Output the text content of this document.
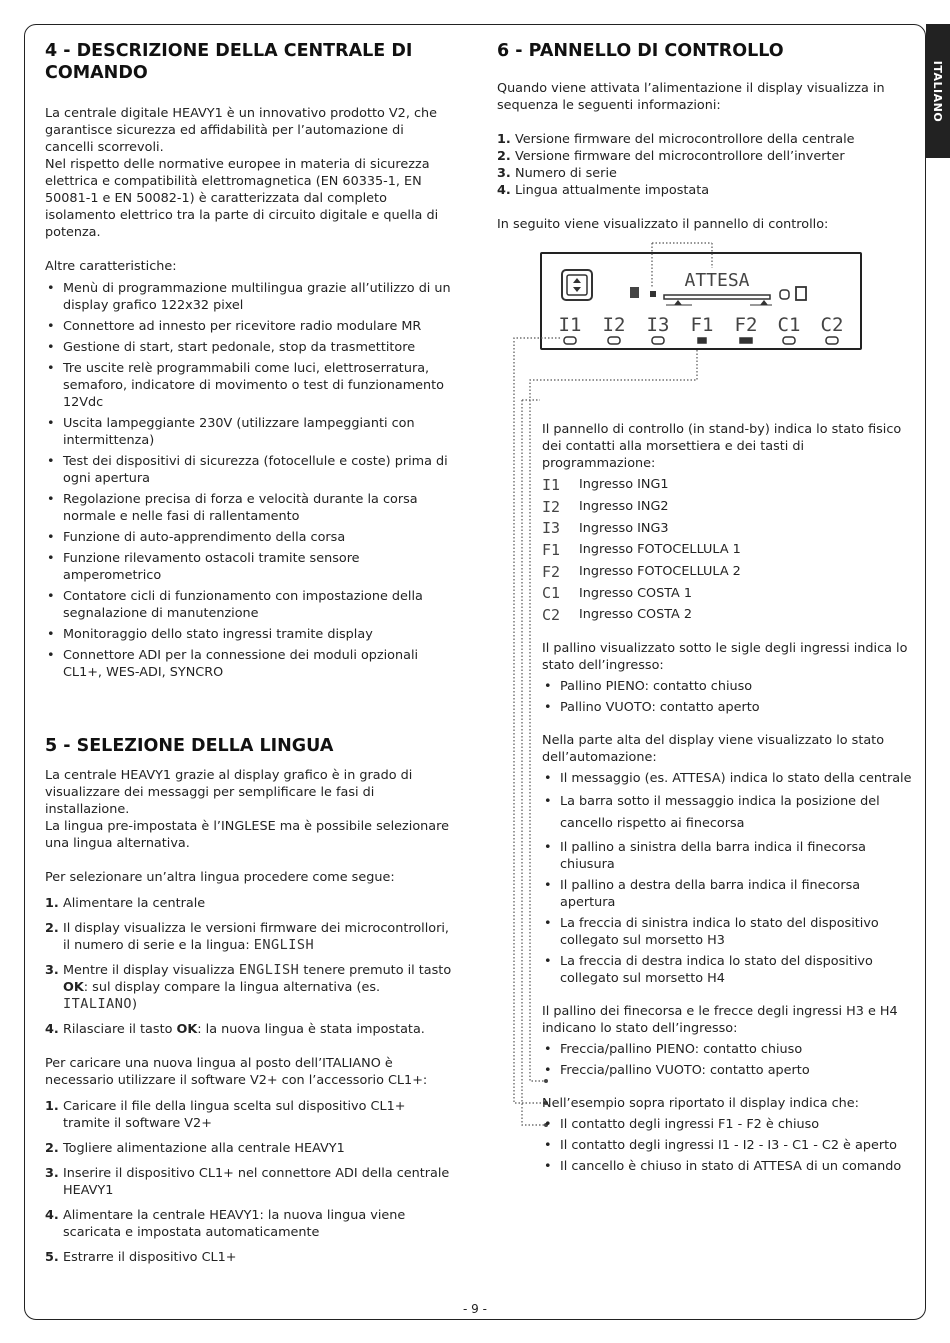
ITALIANO
4 - DESCRIZIONE DELLA CENTRALE DI COMANDO

La centrale digitale HEAVY1 è un innovativo prodotto V2, che garantisce sicurezza ed affidabilità per l’automazione di cancelli scorrevoli.

Nel rispetto delle normative europee in materia di sicurezza elettrica e compatibilità elettromagnetica (EN 60335-1, EN 50081-1 e EN 50082-1) è caratterizzata dal completo isolamento elettrico tra la parte di circuito digitale e quella di potenza.

Altre caratteristiche:

• Menù di programmazione multilingua grazie all’utilizzo di un display grafico 122x32 pixel
• Connettore ad innesto per ricevitore radio modulare MR
• Gestione di start, start pedonale, stop da trasmettitore
• Tre uscite relè programmabili come luci, elettroserratura, semaforo, indicatore di movimento o test di funzionamento 12Vdc
• Uscita lampeggiante 230V (utilizzare lampeggianti con intermittenza)
• Test dei dispositivi di sicurezza (fotocellule e coste) prima di ogni apertura
• Regolazione precisa di forza e velocità durante la corsa normale e nelle fasi di rallentamento
• Funzione di auto-apprendimento della corsa
• Funzione rilevamento ostacoli tramite sensore amperometrico
• Contatore cicli di funzionamento con impostazione della segnalazione di manutenzione
• Monitoraggio dello stato ingressi tramite display
• Connettore ADI per la connessione dei moduli opzionali CL1+, WES-ADI, SYNCRO
5 - SELEZIONE DELLA LINGUA

La centrale HEAVY1 grazie al display grafico è in grado di visualizzare dei messaggi per semplificare le fasi di installazione.

La lingua pre-impostata è l’INGLESE ma è possibile selezionare una lingua alternativa.

Per selezionare un’altra lingua procedere come segue:

1. Alimentare la centrale
2. Il display visualizza le versioni firmware dei microcontrollori, il numero di serie e la lingua: ENGLISH
3. Mentre il display visualizza ENGLISH tenere premuto il tasto OK: sul display compare la lingua alternativa (es. ITALIANO)
4. Rilasciare il tasto OK: la nuova lingua è stata impostata.

Per caricare una nuova lingua al posto dell’ITALIANO è necessario utilizzare il software V2+ con l’accessorio CL1+:

1. Caricare il file della lingua scelta sul dispositivo CL1+ tramite il software V2+
2. Togliere alimentazione alla centrale HEAVY1
3. Inserire il dispositivo CL1+ nel connettore ADI della centrale HEAVY1
4. Alimentare la centrale HEAVY1: la nuova lingua viene scaricata e impostata automaticamente
5. Estrarre il dispositivo CL1+
6 - PANNELLO DI CONTROLLO

Quando viene attivata l’alimentazione il display visualizza in sequenza le seguenti informazioni:

1. Versione firmware del microcontrollore della centrale
2. Versione firmware del microcontrollore dell’inverter
3. Numero di serie
4. Lingua attualmente impostata

In seguito viene visualizzato il pannello di controllo:

ATTESA
I1 I2 I3 F1 F2 C1 C2

Il pannello di controllo (in stand-by) indica lo stato fisico dei contatti alla morsettiera e dei tasti di programmazione:

I1	Ingresso ING1
I2	Ingresso ING2
I3	Ingresso ING3
F1	Ingresso FOTOCELLULA 1
F2	Ingresso FOTOCELLULA 2
C1	Ingresso COSTA 1
C2	Ingresso COSTA 2

Il pallino visualizzato sotto le sigle degli ingressi indica lo stato dell’ingresso:

• Pallino PIENO: contatto chiuso
• Pallino VUOTO: contatto aperto

Nella parte alta del display viene visualizzato lo stato dell’automazione:

• Il messaggio (es. ATTESA) indica lo stato della centrale
• La barra sotto il messaggio indica la posizione del cancello rispetto ai finecorsa
• Il pallino a sinistra della barra indica il finecorsa chiusura
• Il pallino a destra della barra indica il finecorsa apertura
• La freccia di sinistra indica lo stato del dispositivo collegato sul morsetto H3
• La freccia di destra indica lo stato del dispositivo collegato sul morsetto H4

Il pallino dei finecorsa e le frecce degli ingressi H3 e H4 indicano lo stato dell’ingresso:

• Freccia/pallino PIENO: contatto chiuso
• Freccia/pallino VUOTO: contatto aperto

Nell’esempio sopra riportato il display indica che:

• Il contatto degli ingressi F1 - F2 è chiuso
• Il contatto degli ingressi I1 - I2 - I3 - C1 - C2 è aperto
• Il cancello è chiuso in stato di ATTESA di un comando
- 9 -
